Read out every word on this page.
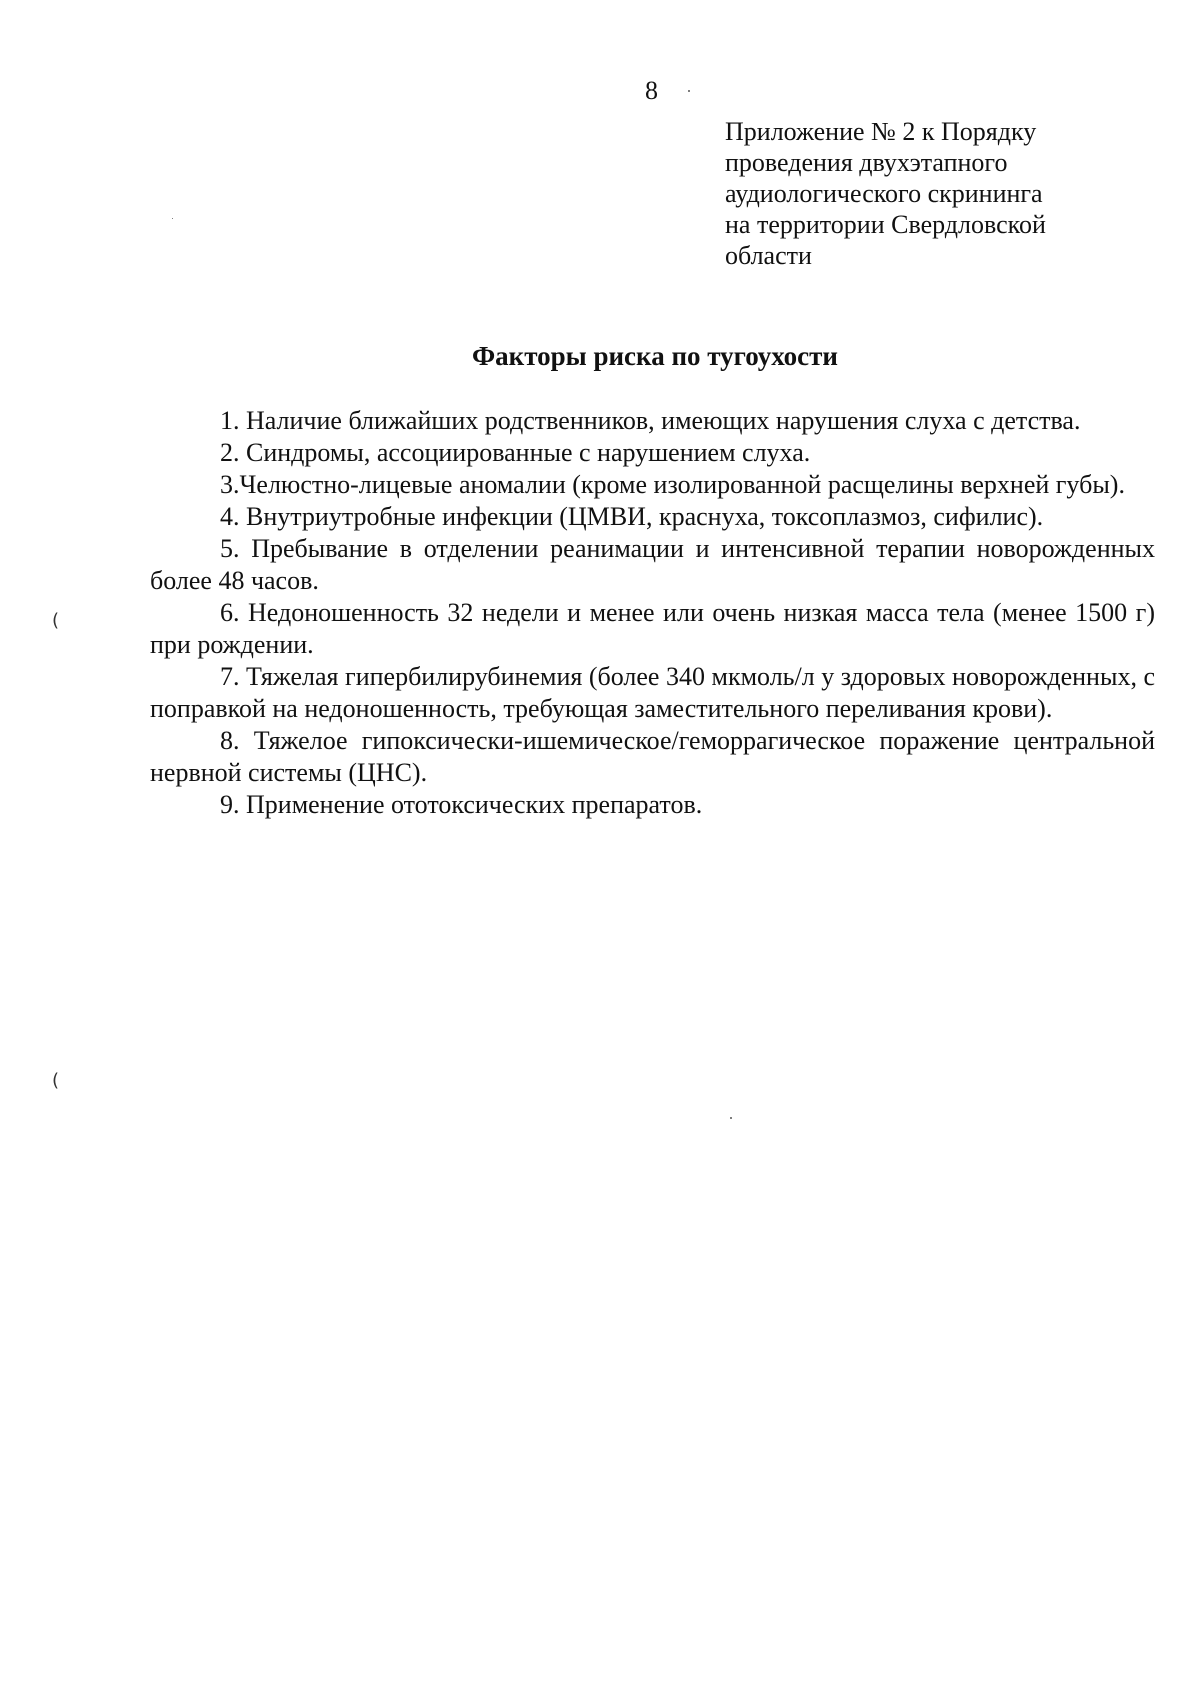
8
Приложение № 2 к Порядку
проведения двухэтапного
аудиологического скрининга
на территории Свердловской
области
Факторы риска по тугоухости

1. Наличие ближайших родственников, имеющих нарушения слуха с детства.

2. Синдромы, ассоциированные с нарушением слуха.

3.Челюстно-лицевые аномалии (кроме изолированной расщелины верхней губы).

4. Внутриутробные инфекции (ЦМВИ, краснуха, токсоплазмоз, сифилис).

5. Пребывание в отделении реанимации и интенсивной терапии новорожденных более 48 часов.

6. Недоношенность 32 недели и менее или очень низкая масса тела (менее 1500 г) при рождении.

7. Тяжелая гипербилирубинемия (более 340 мкмоль/л у здоровых новорожденных, с поправкой на недоношенность, требующая заместительного переливания крови).

8. Тяжелое гипоксически-ишемическое/геморрагическое поражение центральной нервной системы (ЦНС).

9. Применение ототоксических препаратов.

(
(
